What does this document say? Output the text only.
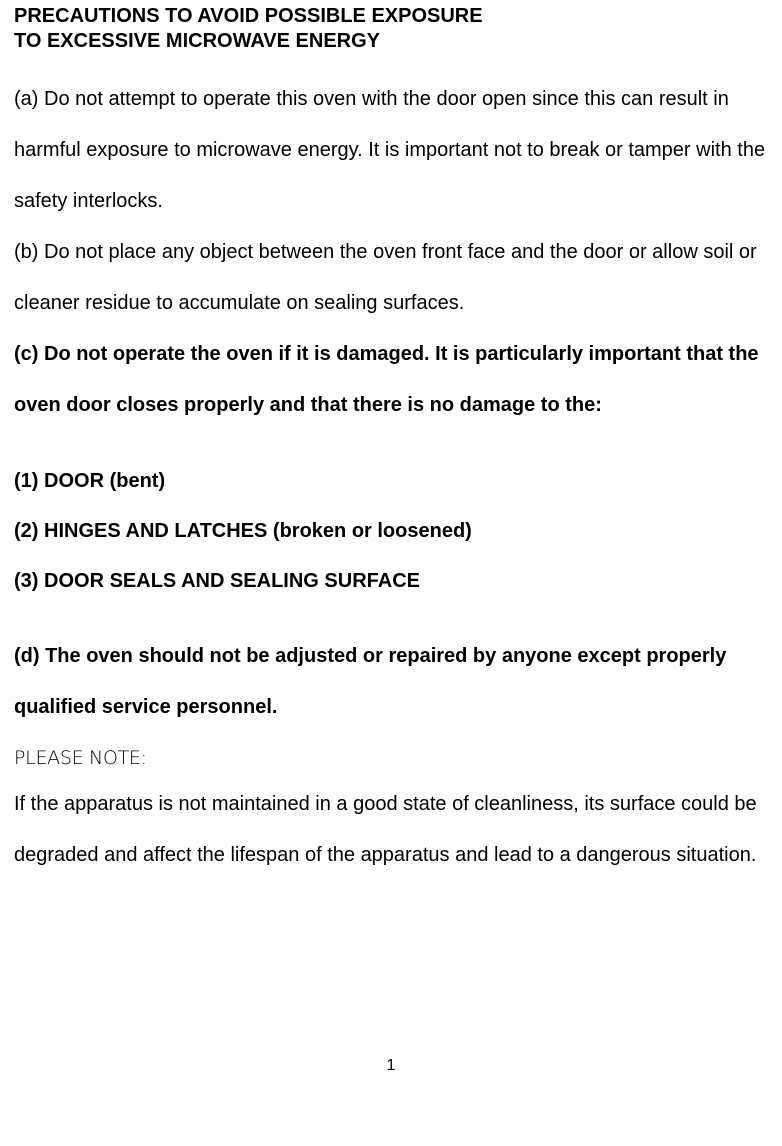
PRECAUTIONS TO AVOID POSSIBLE EXPOSURE
TO EXCESSIVE MICROWAVE ENERGY

(a) Do not attempt to operate this oven with the door open since this can result in harmful exposure to microwave energy. It is important not to break or tamper with the safety interlocks.

(b) Do not place any object between the oven front face and the door or allow soil or cleaner residue to accumulate on sealing surfaces.

(c) Do not operate the oven if it is damaged. It is particularly important that the oven door closes properly and that there is no damage to the:

(1) DOOR (bent)
(2) HINGES AND LATCHES (broken or loosened)
(3) DOOR SEALS AND SEALING SURFACE

(d) The oven should not be adjusted or repaired by anyone except properly qualified service personnel.

PLEASE NOTE:

If the apparatus is not maintained in a good state of cleanliness, its surface could be degraded and affect the lifespan of the apparatus and lead to a dangerous situation.

1
